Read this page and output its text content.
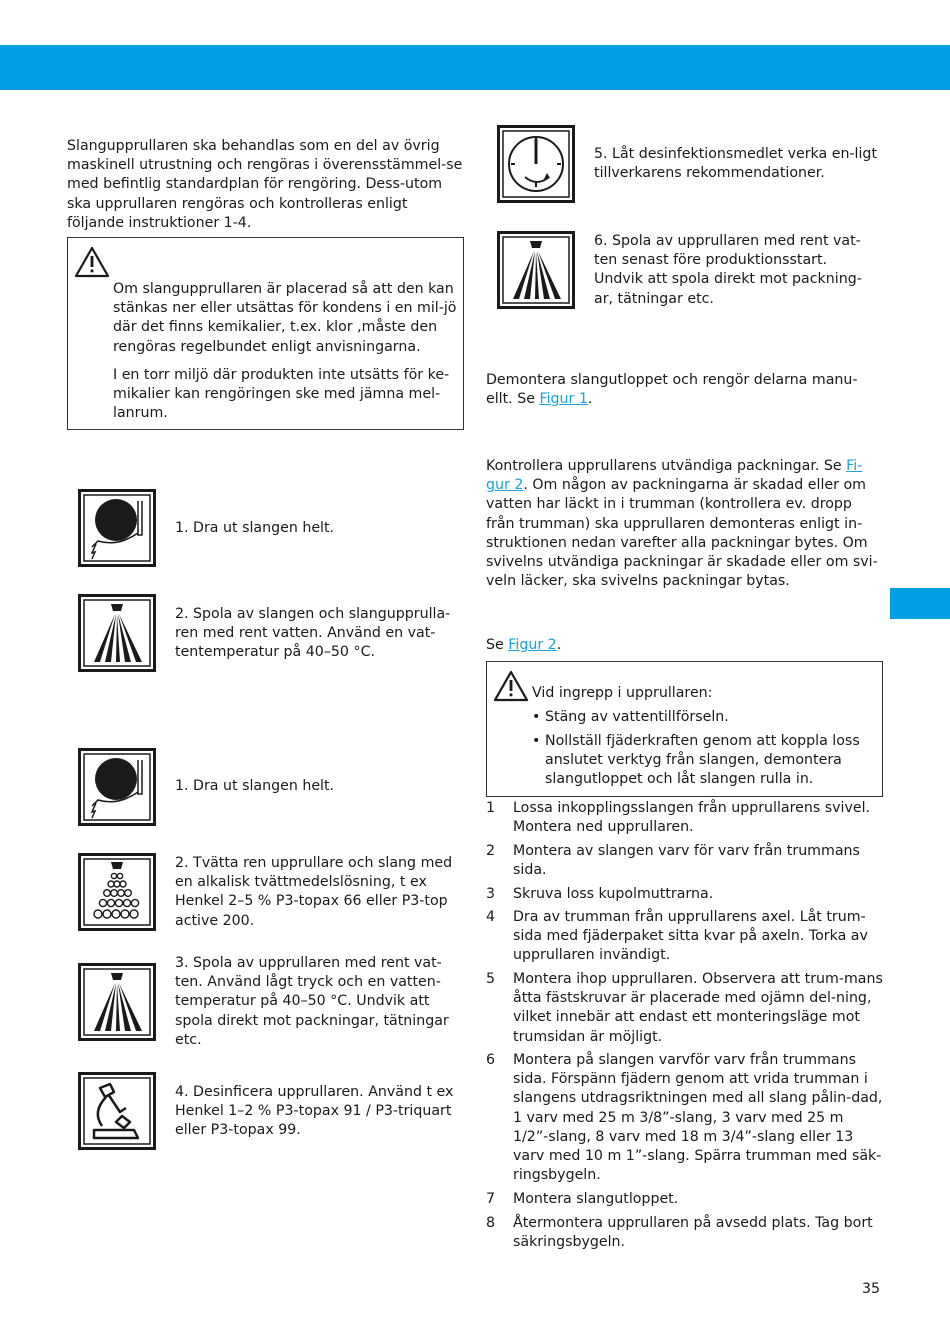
Slangupprullaren ska behandlas som en del av övrig maskinell utrustning och rengöras i överensstämmel-se med befintlig standardplan för rengöring. Dess-utom ska upprullaren rengöras och kontrolleras enligt följande instruktioner 1-4.

Om slangupprullaren är placerad så att den kan stänkas ner eller utsättas för kondens i en mil-jö där det finns kemikalier, t.ex. klor ,måste den rengöras regelbundet enligt anvisningarna.

I en torr miljö där produkten inte utsätts för ke-mikalier kan rengöringen ske med jämna mel-lanrum.

1. Dra ut slangen helt.

2. Spola av slangen och slangupprulla-ren med rent vatten. Använd en vat-tentemperatur på 40–50 °C.

1. Dra ut slangen helt.

2. Tvätta ren upprullare och slang med en alkalisk tvättmedelslösning, t ex Henkel 2–5 % P3-topax 66 eller P3-top active 200.

3. Spola av upprullaren med rent vat-ten. Använd lågt tryck och en vatten-temperatur på 40–50 °C. Undvik att spola direkt mot packningar, tätningar etc.

4. Desinficera upprullaren. Använd t ex Henkel 1–2 % P3-topax 91 / P3-triquart eller P3-topax 99.

5. Låt desinfektionsmedlet verka en-ligt tillverkarens rekommendationer.

6. Spola av upprullaren med rent vat-ten senast före produktionsstart. Undvik att spola direkt mot packning-ar, tätningar etc.

Demontera slangutloppet och rengör delarna manu-ellt. Se Figur 1.

Kontrollera upprullarens utvändiga packningar. Se Fi-gur 2. Om någon av packningarna är skadad eller om vatten har läckt in i trumman (kontrollera ev. dropp från trumman) ska upprullaren demonteras enligt in-struktionen nedan varefter alla packningar bytes. Om svivelns utvändiga packningar är skadade eller om svi-veln läcker, ska svivelns packningar bytas.

Se Figur 2.

Vid ingrepp i upprullaren:

• Stäng av vattentillförseln.

• Nollställ fjäderkraften genom att koppla loss anslutet verktyg från slangen, demontera slangutloppet och låt slangen rulla in.

1 Lossa inkopplingsslangen från upprullarens svivel. Montera ned upprullaren.
2 Montera av slangen varv för varv från trummans sida.
3 Skruva loss kupolmuttrarna.
4 Dra av trumman från upprullarens axel. Låt trum-sida med fjäderpaket sitta kvar på axeln. Torka av upprullaren invändigt.
5 Montera ihop upprullaren. Observera att trum-mans åtta fästskruvar är placerade med ojämn del-ning, vilket innebär att endast ett monteringsläge mot trumsidan är möjligt.
6 Montera på slangen varvför varv från trummans sida. Förspänn fjädern genom att vrida trumman i slangens utdragsriktningen med all slang pålin-dad, 1 varv med 25 m 3/8”-slang, 3 varv med 25 m 1/2”-slang, 8 varv med 18 m 3/4”-slang eller 13 varv med 10 m 1”-slang. Spärra trumman med säk-ringsbygeln.
7 Montera slangutloppet.
8 Återmontera upprullaren på avsedd plats. Tag bort säkringsbygeln.
35
